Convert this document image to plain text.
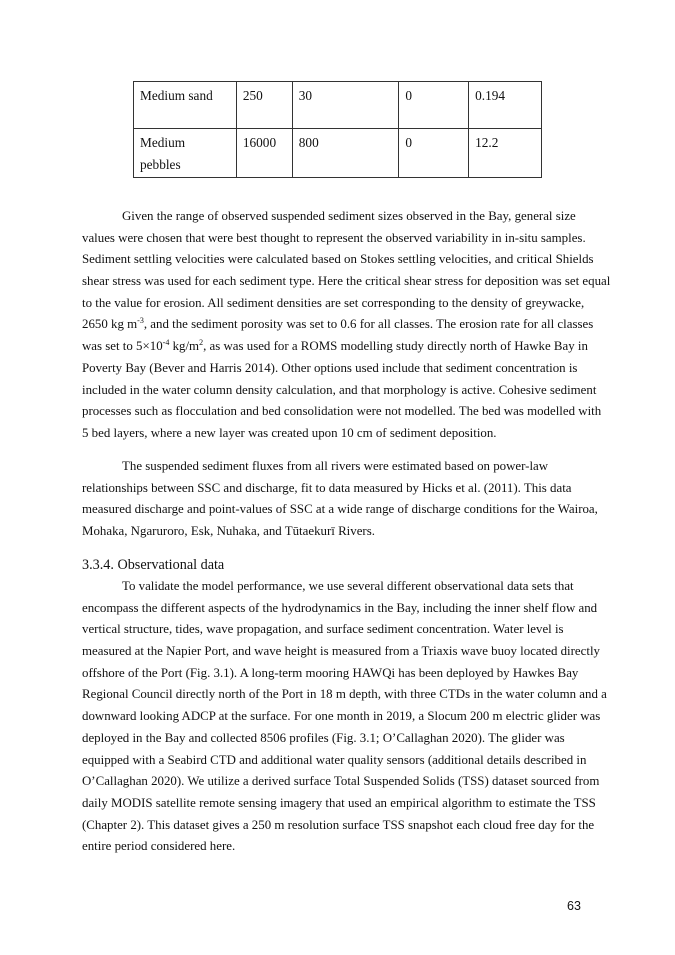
Medium sand	250	30	0	0.194
Medium pebbles	16000	800	0	12.2
Given the range of observed suspended sediment sizes observed in the Bay, general size
values were chosen that were best thought to represent the observed variability in in-situ samples.
Sediment settling velocities were calculated based on Stokes settling velocities, and critical Shields
shear stress was used for each sediment type. Here the critical shear stress for deposition was set equal
to the value for erosion. All sediment densities are set corresponding to the density of greywacke,
2650 kg $m^{-3}$, and the sediment porosity was set to 0.6 for all classes. The erosion rate for all classes
was set to $5\times 10^{-4}$ $kg/m^2$, as was used for a ROMS modelling study directly north of Hawke Bay in
Poverty Bay (Bever and Harris 2014). Other options used include that sediment concentration is
included in the water column density calculation, and that morphology is active. Cohesive sediment
processes such as flocculation and bed consolidation were not modelled. The bed was modelled with
5 bed layers, where a new layer was created upon 10 cm of sediment deposition.
The suspended sediment fluxes from all rivers were estimated based on power-law
relationships between SSC and discharge, fit to data measured by Hicks et al. (2011). This data
measured discharge and point-values of SSC at a wide range of discharge conditions for the Wairoa,
Mohaka, Ngaruroro, Esk, Nuhaka, and Tūtaekurī Rivers.
3.3.4. Observational data
To validate the model performance, we use several different observational data sets that
encompass the different aspects of the hydrodynamics in the Bay, including the inner shelf flow and
vertical structure, tides, wave propagation, and surface sediment concentration. Water level is
measured at the Napier Port, and wave height is measured from a Triaxis wave buoy located directly
offshore of the Port (Fig. 3.1). A long-term mooring HAWQi has been deployed by Hawkes Bay
Regional Council directly north of the Port in 18 m depth, with three CTDs in the water column and a
downward looking ADCP at the surface. For one month in 2019, a Slocum 200 m electric glider was
deployed in the Bay and collected 8506 profiles (Fig. 3.1; O’Callaghan 2020). The glider was
equipped with a Seabird CTD and additional water quality sensors (additional details described in
O’Callaghan 2020). We utilize a derived surface Total Suspended Solids (TSS) dataset sourced from
daily MODIS satellite remote sensing imagery that used an empirical algorithm to estimate the TSS
(Chapter 2). This dataset gives a 250 m resolution surface TSS snapshot each cloud free day for the
entire period considered here.
63
